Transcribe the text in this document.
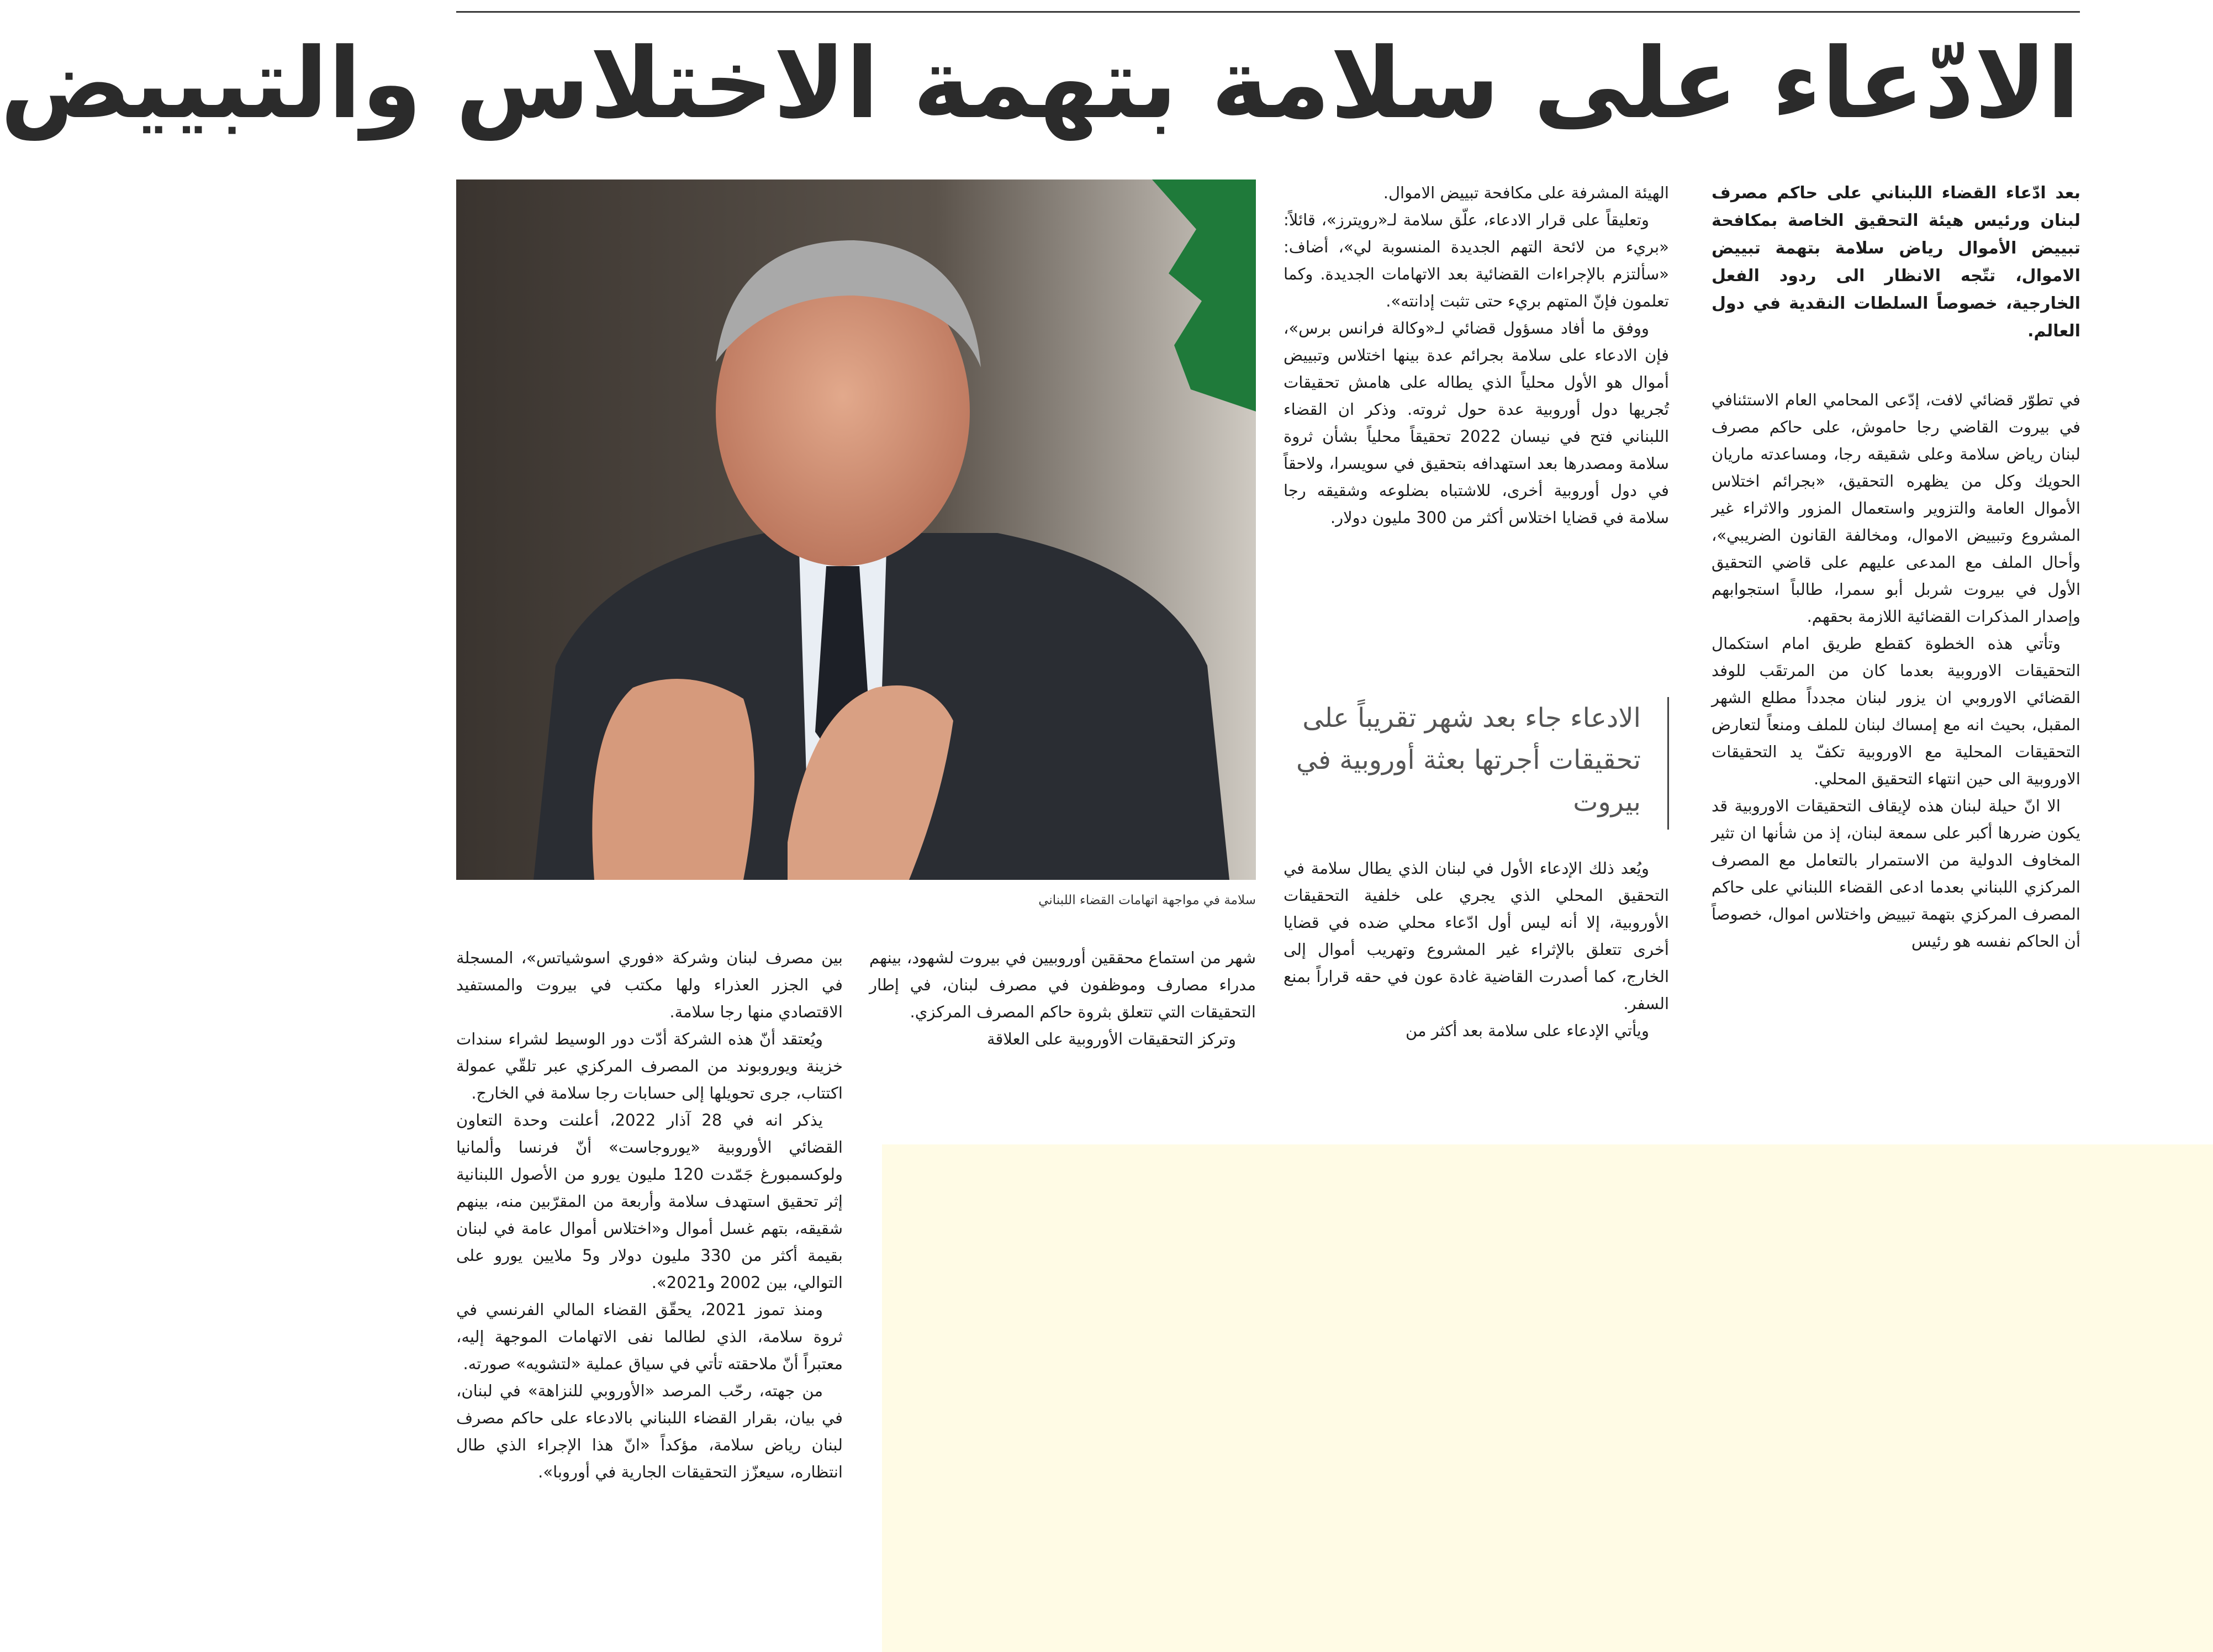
الادّعاء على سلامة بتهمة الاختلاس والتبييض
بعد ادّعاء القضاء اللبناني على حاكم مصرف لبنان ورئيس هيئة التحقيق الخاصة بمكافحة تبييض الأموال رياض سلامة بتهمة تبييض الاموال، تتّجه الانظار الى ردود الفعل الخارجية، خصوصاً السلطات النقدية في دول العالم.

في تطوّر قضائي لافت، إدّعى المحامي العام الاستئنافي في بيروت القاضي رجا حاموش، على حاكم مصرف لبنان رياض سلامة وعلى شقيقه رجا، ومساعدته ماريان الحويك وكل من يظهره التحقيق، «بجرائم اختلاس الأموال العامة والتزوير واستعمال المزور والاثراء غير المشروع وتبييض الاموال، ومخالفة القانون الضريبي»، وأحال الملف مع المدعى عليهم على قاضي التحقيق الأول في بيروت شربل أبو سمرا، طالباً استجوابهم وإصدار المذكرات القضائية اللازمة بحقهم.

وتأتي هذه الخطوة كقطع طريق امام استكمال التحقيقات الاوروبية بعدما كان من المرتقَب للوفد القضائي الاوروبي ان يزور لبنان مجدداً مطلع الشهر المقبل، بحيث انه مع إمساك لبنان للملف ومنعاً لتعارض التحقيقات المحلية مع الاوروبية تكفّ يد التحقيقات الاوروبية الى حين انتهاء التحقيق المحلي.

الا انّ حيلة لبنان هذه لإيقاف التحقيقات الاوروبية قد يكون ضررها أكبر على سمعة لبنان، إذ من شأنها ان تثير المخاوف الدولية من الاستمرار بالتعامل مع المصرف المركزي اللبناني بعدما ادعى القضاء اللبناني على حاكم المصرف المركزي بتهمة تبييض واختلاس اموال، خصوصاً أن الحاكم نفسه هو رئيس

الهيئة المشرفة على مكافحة تبييض الاموال.

وتعليقاً على قرار الادعاء، علّق سلامة لـ«رويترز»، قائلاً: «بريء من لائحة التهم الجديدة المنسوبة لي»، أضاف: «سألتزم بالإجراءات القضائية بعد الاتهامات الجديدة. وكما تعلمون فإنّ المتهم بريء حتى تثبت إدانته».

ووفق ما أفاد مسؤول قضائي لـ«وكالة فرانس برس»، فإن الادعاء على سلامة بجرائم عدة بينها اختلاس وتبييض أموال هو الأول محلياً الذي يطاله على هامش تحقيقات تُجريها دول أوروبية عدة حول ثروته. وذكر ان القضاء اللبناني فتح في نيسان 2022 تحقيقاً محلياً بشأن ثروة سلامة ومصدرها بعد استهدافه بتحقيق في سويسرا، ولاحقاً في دول أوروبية أخرى، للاشتباه بضلوعه وشقيقه رجا سلامة في قضايا اختلاس أكثر من 300 مليون دولار.

الادعاء جاء بعد شهر تقريباً على تحقيقات أجرتها بعثة أوروبية في بيروت

ويُعد ذلك الإدعاء الأول في لبنان الذي يطال سلامة في التحقيق المحلي الذي يجري على خلفية التحقيقات الأوروبية، إلا أنه ليس أول ادّعاء محلي ضده في قضايا أخرى تتعلق بالإثراء غير المشروع وتهريب أموال إلى الخارج، كما أصدرت القاضية غادة عون في حقه قراراً بمنع السفر.

ويأتي الإدعاء على سلامة بعد أكثر من

سلامة في مواجهة اتهامات القضاء اللبناني

شهر من استماع محققين أوروبيين في بيروت لشهود، بينهم مدراء مصارف وموظفون في مصرف لبنان، في إطار التحقيقات التي تتعلق بثروة حاكم المصرف المركزي.

وتركز التحقيقات الأوروبية على العلاقة

بين مصرف لبنان وشركة «فوري اسوشياتس»، المسجلة في الجزر العذراء ولها مكتب في بيروت والمستفيد الاقتصادي منها رجا سلامة.

ويُعتقد أنّ هذه الشركة أدّت دور الوسيط لشراء سندات خزينة ويوروبوند من المصرف المركزي عبر تلقّي عمولة اكتتاب، جرى تحويلها إلى حسابات رجا سلامة في الخارج.

يذكر انه في 28 آذار 2022، أعلنت وحدة التعاون القضائي الأوروبية «يوروجاست» أنّ فرنسا وألمانيا ولوكسمبورغ جَمّدت 120 مليون يورو من الأصول اللبنانية إثر تحقيق استهدف سلامة وأربعة من المقرّبين منه، بينهم شقيقه، بتهم غسل أموال و«اختلاس أموال عامة في لبنان بقيمة أكثر من 330 مليون دولار و5 ملايين يورو على التوالي، بين 2002 و2021».

ومنذ تموز 2021، يحقّق القضاء المالي الفرنسي في ثروة سلامة، الذي لطالما نفى الاتهامات الموجهة إليه، معتبراً أنّ ملاحقته تأتي في سياق عملية «لتشويه» صورته.

من جهته، رحّب المرصد «الأوروبي للنزاهة» في لبنان، في بيان، بقرار القضاء اللبناني بالادعاء على حاكم مصرف لبنان رياض سلامة، مؤكداً «انّ هذا الإجراء الذي طال انتظاره، سيعزّز التحقيقات الجارية في أوروبا».
